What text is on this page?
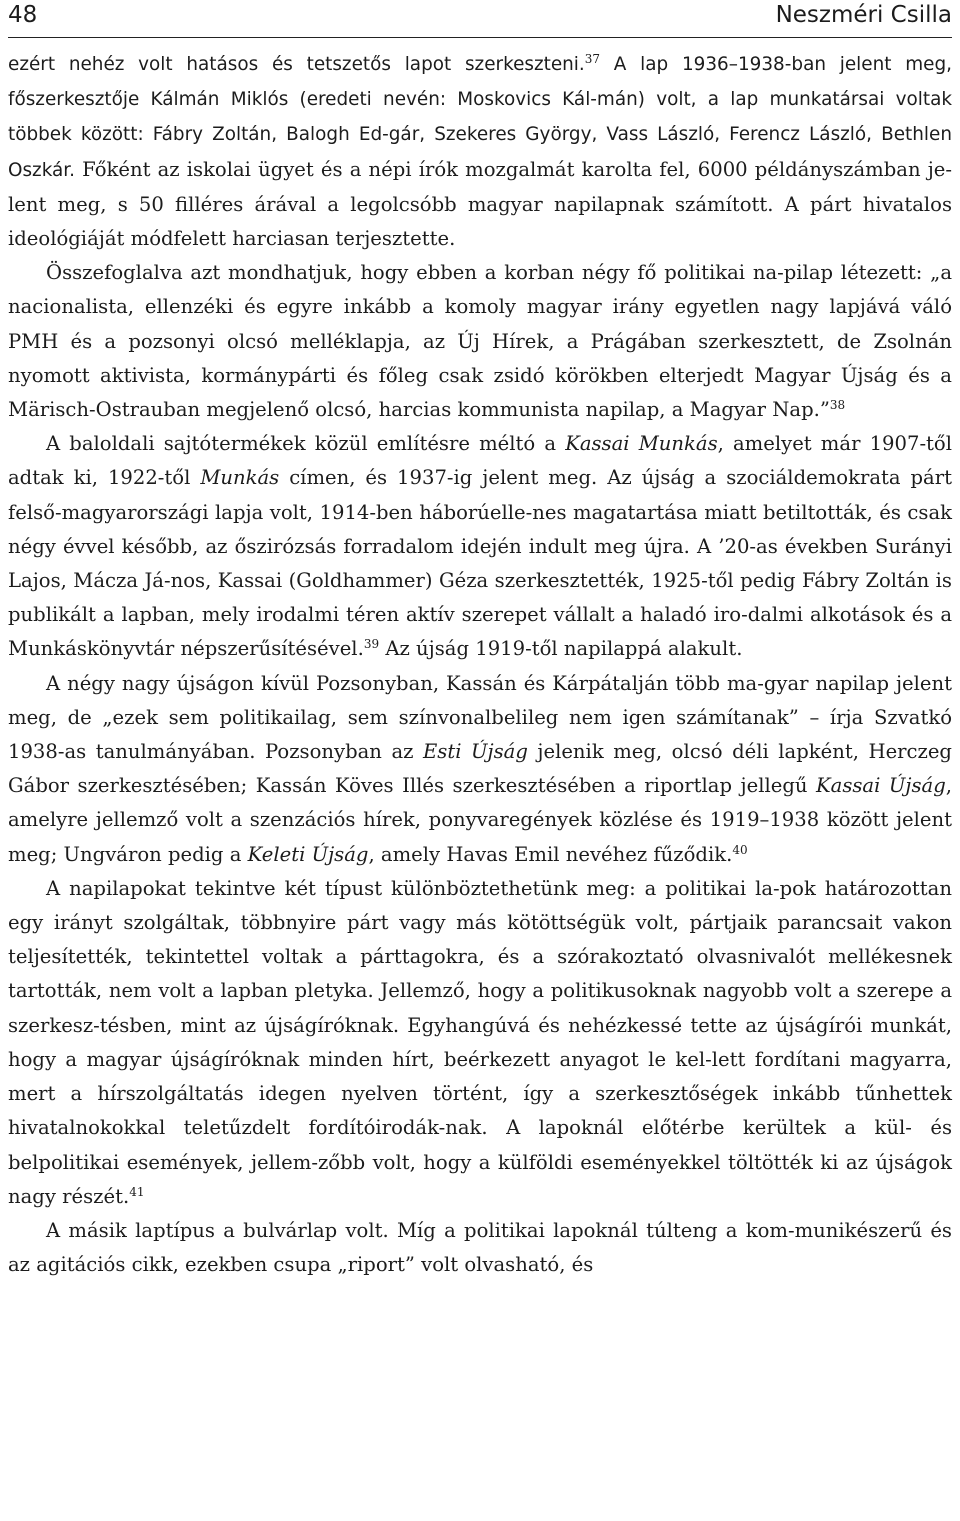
48	Neszméri Csilla

ezért nehéz volt hatásos és tetszetős lapot szerkeszteni.$^{37}$ A lap 1936–1938-ban jelent meg, főszerkesztője Kálmán Miklós (eredeti nevén: Moskovics Kál-mán) volt, a lap munkatársai voltak többek között: Fábry Zoltán, Balogh Ed-gár, Szekeres György, Vass László, Ferencz László, Bethlen Oszkár. Főként az iskolai ügyet és a népi írók mozgalmát karolta fel, 6000 példányszámban je-lent meg, s 50 filléres árával a legolcsóbb magyar napilapnak számított. A párt hivatalos ideológiáját módfelett harciasan terjesztette.

Összefoglalva azt mondhatjuk, hogy ebben a korban négy fő politikai na-pilap létezett: „a nacionalista, ellenzéki és egyre inkább a komoly magyar irány egyetlen nagy lapjává váló PMH és a pozsonyi olcsó melléklapja, az Új Hírek, a Prágában szerkesztett, de Zsolnán nyomott aktivista, kormánypárti és főleg csak zsidó körökben elterjedt Magyar Újság és a Märisch-Ostrauban megjelenő olcsó, harcias kommunista napilap, a Magyar Nap.”$^{38}$

A baloldali sajtótermékek közül említésre méltó a Kassai Munkás, amelyet már 1907-től adtak ki, 1922-től Munkás címen, és 1937-ig jelent meg. Az újság a szociáldemokrata párt felső-magyarországi lapja volt, 1914-ben háborúelle-nes magatartása miatt betiltották, és csak négy évvel később, az őszirózsás forradalom idején indult meg újra. A ’20-as években Surányi Lajos, Mácza Já-nos, Kassai (Goldhammer) Géza szerkesztették, 1925-től pedig Fábry Zoltán is publikált a lapban, mely irodalmi téren aktív szerepet vállalt a haladó iro-dalmi alkotások és a Munkáskönyvtár népszerűsítésével.$^{39}$ Az újság 1919-től napilappá alakult.

A négy nagy újságon kívül Pozsonyban, Kassán és Kárpátalján több ma-gyar napilap jelent meg, de „ezek sem politikailag, sem színvonalbelileg nem igen számítanak” – írja Szvatkó 1938-as tanulmányában. Pozsonyban az Esti Újság jelenik meg, olcsó déli lapként, Herczeg Gábor szerkesztésében; Kassán Köves Illés szerkesztésében a riportlap jellegű Kassai Újság, amelyre jellemző volt a szenzációs hírek, ponyvaregények közlése és 1919–1938 között jelent meg; Ungváron pedig a Keleti Újság, amely Havas Emil nevéhez fűződik.$^{40}$

A napilapokat tekintve két típust különböztethetünk meg: a politikai la-pok határozottan egy irányt szolgáltak, többnyire párt vagy más kötöttségük volt, pártjaik parancsait vakon teljesítették, tekintettel voltak a párttagokra, és a szórakoztató olvasnivalót mellékesnek tartották, nem volt a lapban pletyka. Jellemző, hogy a politikusoknak nagyobb volt a szerepe a szerkesz-tésben, mint az újságíróknak. Egyhangúvá és nehézkessé tette az újságírói munkát, hogy a magyar újságíróknak minden hírt, beérkezett anyagot le kel-lett fordítani magyarra, mert a hírszolgáltatás idegen nyelven történt, így a szerkesztőségek inkább tűnhettek hivatalnokokkal teletűzdelt fordítóirodák-nak. A lapoknál előtérbe kerültek a kül- és belpolitikai események, jellem-zőbb volt, hogy a külföldi eseményekkel töltötték ki az újságok nagy részét.$^{41}$

A másik laptípus a bulvárlap volt. Míg a politikai lapoknál túlteng a kom-munikészerű és az agitációs cikk, ezekben csupa „riport” volt olvasható, és
